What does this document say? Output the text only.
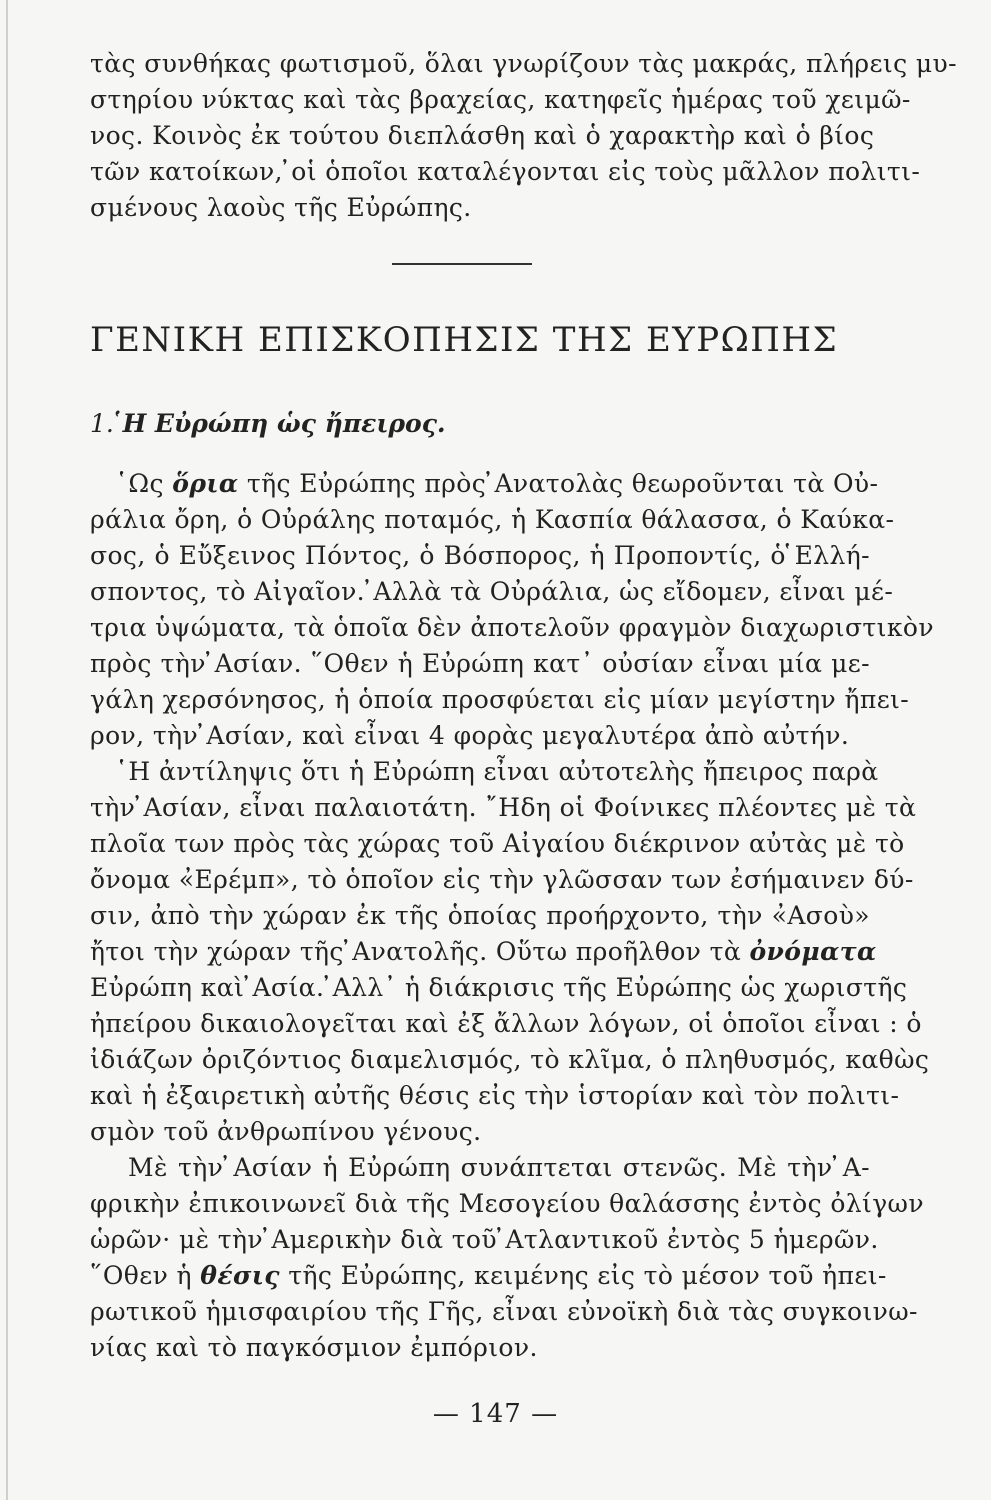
τὰς συνθήκας φωτισμοῦ, ὅλαι γνωρίζουν τὰς μακράς, πλήρεις μυ-
στηρίου νύκτας καὶ τὰς βραχείας, κατηφεῖς ἡμέρας τοῦ χειμῶ-
νος. Κοινὸς ἐκ τούτου διεπλάσθη καὶ ὁ χαρακτὴρ καὶ ὁ βίος
τῶν κατοίκων, ̓οἱ ὁποῖοι καταλέγονται εἰς τοὺς μᾶλλον πολιτι-
σμένους λαοὺς τῆς Εὐρώπης.
ΓΕΝΙΚΗ ΕΠΙΣΚΟΠΗΣΙΣ ΤΗΣ ΕΥΡΩΠΗΣ
1. ̔Η Εὐρώπη ὡς ἤπειρος.
̔Ως ὅρια τῆς Εὐρώπης πρὸς ̓Ανατολὰς θεωροῦνται τὰ Οὐ-
ράλια ὄρη, ὁ Οὐράλης ποταμός, ἡ Κασπία θάλασσα, ὁ Καύκα-
σος, ὁ Εὔξεινος Πόντος, ὁ Βόσπορος, ἡ Προποντίς, ὁ ̔Ελλή-
σποντος, τὸ Αἰγαῖον. ̓Αλλὰ τὰ Οὐράλια, ὡς εἴδομεν, εἶναι μέ-
τρια ὑψώματα, τὰ ὁποῖα δὲν ἀποτελοῦν φραγμὸν διαχωριστικὸν
πρὸς τὴν ̓Ασίαν. ῞Οθεν ἡ Εὐρώπη κατ᾽ οὐσίαν εἶναι μία με-
γάλη χερσόνησος, ἡ ὁποία προσφύεται εἰς μίαν μεγίστην ἤπει-
ρον, τὴν ̓Ασίαν, καὶ εἶναι 4 φορὰς μεγαλυτέρα ἀπὸ αὐτήν.
̔Η ἀντίληψις ὅτι ἡ Εὐρώπη εἶναι αὐτοτελὴς ἤπειρος παρὰ
τὴν ̓Ασίαν, εἶναι παλαιοτάτη. ῎Ηδη οἱ Φοίνικες πλέοντες μὲ τὰ
πλοῖα των πρὸς τὰς χώρας τοῦ Αἰγαίου διέκρινον αὐτὰς μὲ τὸ
ὄνομα «̓Ερέμπ», τὸ ὁποῖον εἰς τὴν γλῶσσαν των ἐσήμαινεν δύ-
σιν, ἀπὸ τὴν χώραν ἐκ τῆς ὁποίας προήρχοντο, τὴν «̓Ασοὺ»
ἤτοι τὴν χώραν τῆς ̓Ανατολῆς. Οὕτω προῆλθον τὰ ὀνόματα
Εὐρώπη καὶ ̓Ασία. ̓Αλλ᾽ ἡ διάκρισις τῆς Εὐρώπης ὡς χωριστῆς
ἠπείρου δικαιολογεῖται καὶ ἐξ ἄλλων λόγων, οἱ ὁποῖοι εἶναι : ὁ
ἰδιάζων ὀριζόντιος διαμελισμός, τὸ κλῖμα, ὁ πληθυσμός, καθὼς
καὶ ἡ ἐξαιρετικὴ αὐτῆς θέσις εἰς τὴν ἱστορίαν καὶ τὸν πολιτι-
σμὸν τοῦ ἀνθρωπίνου γένους.
Μὲ τὴν ̓Ασίαν ἡ Εὐρώπη συνάπτεται στενῶς. Μὲ τὴν ̓Α-
φρικὴν ἐπικοινωνεῖ διὰ τῆς Μεσογείου θαλάσσης ἐντὸς ὀλίγων
ὡρῶν· μὲ τὴν ̓Αμερικὴν διὰ τοῦ ̓Ατλαντικοῦ ἐντὸς 5 ἡμερῶν.
῞Οθεν ἡ θέσις τῆς Εὐρώπης, κειμένης εἰς τὸ μέσον τοῦ ἠπει-
ρωτικοῦ ἡμισφαιρίου τῆς Γῆς, εἶναι εὐνοϊκὴ διὰ τὰς συγκοινω-
νίας καὶ τὸ παγκόσμιον ἐμπόριον.
— 147 —
